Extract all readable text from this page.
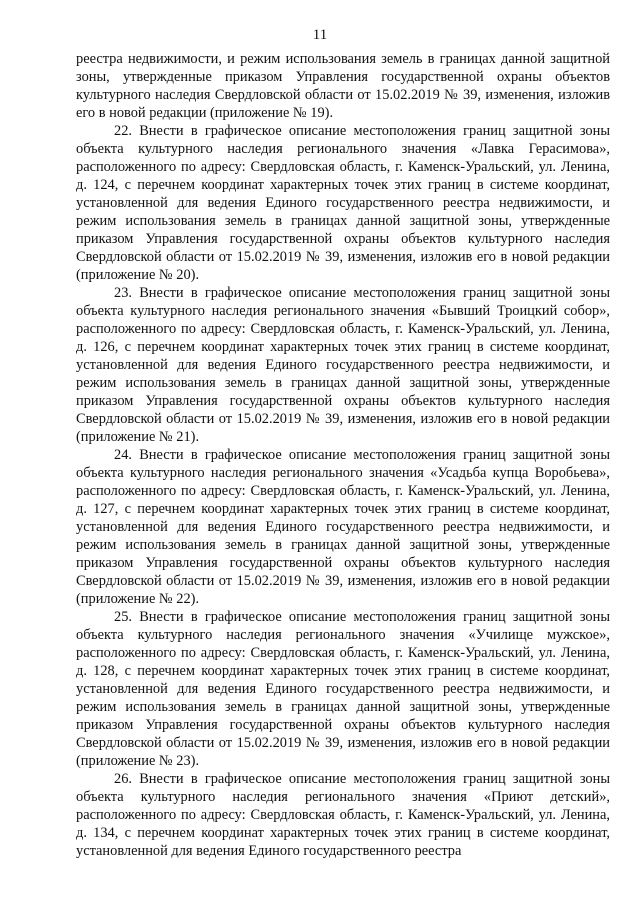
11

реестра недвижимости, и режим использования земель в границах данной защитной зоны, утвержденные приказом Управления государственной охраны объектов культурного наследия Свердловской области от 15.02.2019 № 39, изменения, изложив его в новой редакции (приложение № 19).

22. Внести в графическое описание местоположения границ защитной зоны объекта культурного наследия регионального значения «Лавка Герасимова», расположенного по адресу: Свердловская область, г. Каменск-Уральский, ул. Ленина, д. 124, с перечнем координат характерных точек этих границ в системе координат, установленной для ведения Единого государственного реестра недвижимости, и режим использования земель в границах данной защитной зоны, утвержденные приказом Управления государственной охраны объектов культурного наследия Свердловской области от 15.02.2019 № 39, изменения, изложив его в новой редакции (приложение № 20).

23. Внести в графическое описание местоположения границ защитной зоны объекта культурного наследия регионального значения «Бывший Троицкий собор», расположенного по адресу: Свердловская область, г. Каменск-Уральский, ул. Ленина, д. 126, с перечнем координат характерных точек этих границ в системе координат, установленной для ведения Единого государственного реестра недвижимости, и режим использования земель в границах данной защитной зоны, утвержденные приказом Управления государственной охраны объектов культурного наследия Свердловской области от 15.02.2019 № 39, изменения, изложив его в новой редакции (приложение № 21).

24. Внести в графическое описание местоположения границ защитной зоны объекта культурного наследия регионального значения «Усадьба купца Воробьева», расположенного по адресу: Свердловская область, г. Каменск-Уральский, ул. Ленина, д. 127, с перечнем координат характерных точек этих границ в системе координат, установленной для ведения Единого государственного реестра недвижимости, и режим использования земель в границах данной защитной зоны, утвержденные приказом Управления государственной охраны объектов культурного наследия Свердловской области от 15.02.2019 № 39, изменения, изложив его в новой редакции (приложение № 22).

25. Внести в графическое описание местоположения границ защитной зоны объекта культурного наследия регионального значения «Училище мужское», расположенного по адресу: Свердловская область, г. Каменск-Уральский, ул. Ленина, д. 128, с перечнем координат характерных точек этих границ в системе координат, установленной для ведения Единого государственного реестра недвижимости, и режим использования земель в границах данной защитной зоны, утвержденные приказом Управления государственной охраны объектов культурного наследия Свердловской области от 15.02.2019 № 39, изменения, изложив его в новой редакции (приложение № 23).

26. Внести в графическое описание местоположения границ защитной зоны объекта культурного наследия регионального значения «Приют детский», расположенного по адресу: Свердловская область, г. Каменск-Уральский, ул. Ленина, д. 134, с перечнем координат характерных точек этих границ в системе координат, установленной для ведения Единого государственного реестра
